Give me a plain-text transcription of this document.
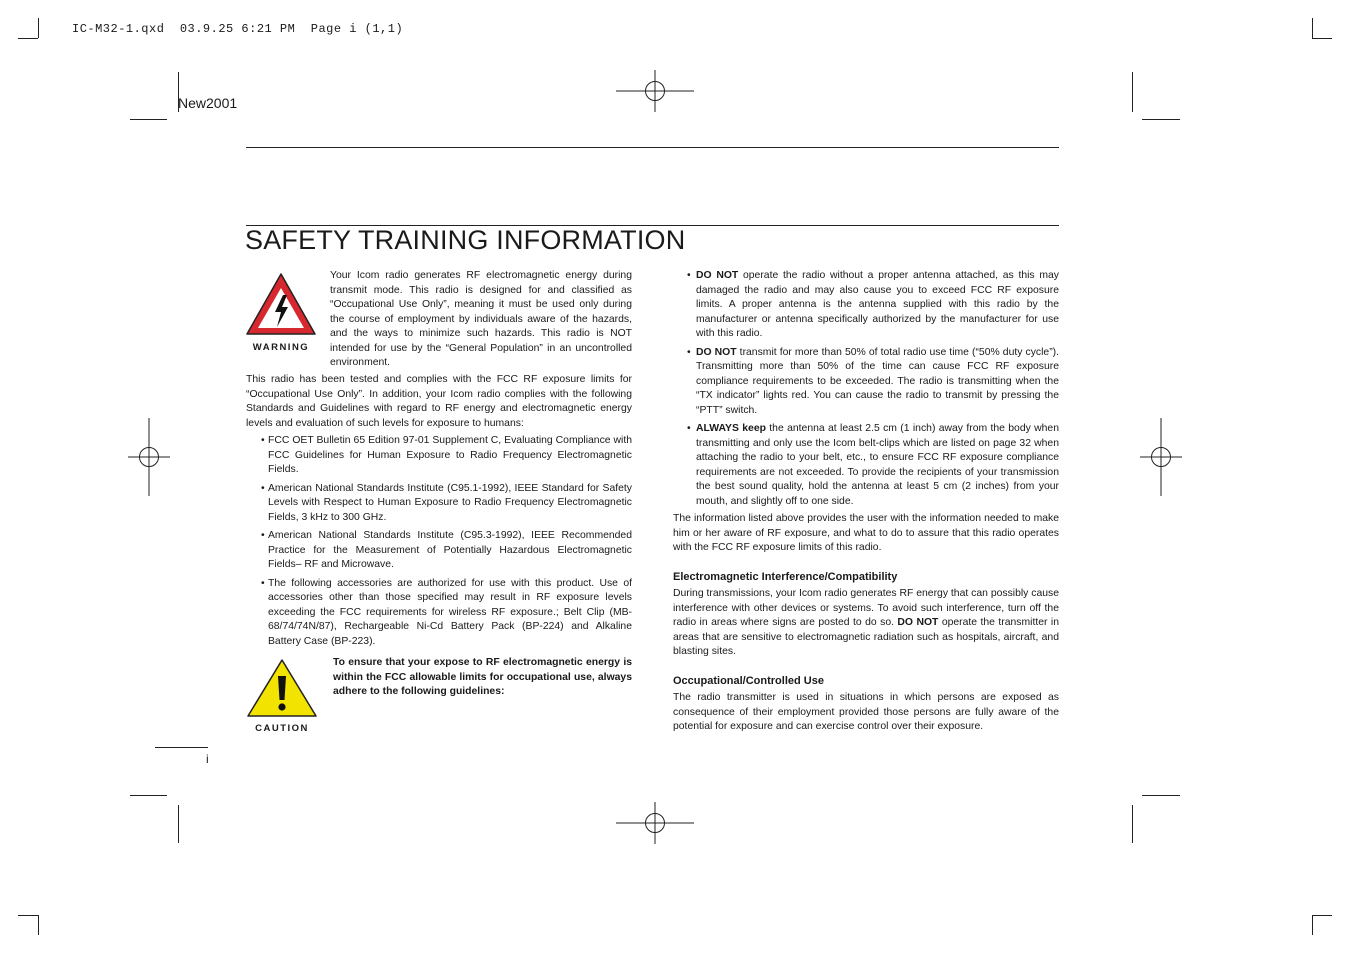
IC-M32-1.qxd  03.9.25 6:21 PM  Page i (1,1)
New2001
SAFETY TRAINING INFORMATION
WARNING
Your Icom radio generates RF electromagnetic energy during transmit mode. This radio is designed for and classified as “Occupational Use Only”, meaning it must be used only during the course of employment by individuals aware of the hazards, and the ways to minimize such hazards. This radio is NOT intended for use by the “General Population” in an uncontrolled environment.

This radio has been tested and complies with the FCC RF exposure limits for “Occupational Use Only”. In addition, your Icom radio complies with the following Standards and Guidelines with regard to RF energy and electromagnetic energy levels and evaluation of such levels for exposure to humans:

• FCC OET Bulletin 65 Edition 97-01 Supplement C, Evaluating Compliance with FCC Guidelines for Human Exposure to Radio Frequency Electromagnetic Fields.
• American National Standards Institute (C95.1-1992), IEEE Standard for Safety Levels with Respect to Human Exposure to Radio Frequency Electromagnetic Fields, 3 kHz to 300 GHz.
• American National Standards Institute (C95.3-1992), IEEE Recommended Practice for the Measurement of Potentially Hazardous Electromagnetic Fields– RF and Microwave.
• The following accessories are authorized for use with this product. Use of accessories other than those specified may result in RF exposure levels exceeding the FCC requirements for wireless RF exposure.; Belt Clip (MB-68/74/74N/87), Rechargeable Ni-Cd Battery Pack (BP-224) and Alkaline Battery Case (BP-223).
CAUTION
To ensure that your expose to RF electromagnetic energy is within the FCC allowable limits for occupational use, always adhere to the following guidelines:
• DO NOT operate the radio without a proper antenna attached, as this may damaged the radio and may also cause you to exceed FCC RF exposure limits. A proper antenna is the antenna supplied with this radio by the manufacturer or antenna specifically authorized by the manufacturer for use with this radio.
• DO NOT transmit for more than 50% of total radio use time (“50% duty cycle”). Transmitting more than 50% of the time can cause FCC RF exposure compliance requirements to be exceeded. The radio is transmitting when the “TX indicator” lights red. You can cause the radio to transmit by pressing the “PTT” switch.
• ALWAYS keep the antenna at least 2.5 cm (1 inch) away from the body when transmitting and only use the Icom belt-clips which are listed on page 32 when attaching the radio to your belt, etc., to ensure FCC RF exposure compliance requirements are not exceeded. To provide the recipients of your transmission the best sound quality, hold the antenna at least 5 cm (2 inches) from your mouth, and slightly off to one side.

The information listed above provides the user with the information needed to make him or her aware of RF exposure, and what to do to assure that this radio operates with the FCC RF exposure limits of this radio.

Electromagnetic Interference/Compatibility

During transmissions, your Icom radio generates RF energy that can possibly cause interference with other devices or systems. To avoid such interference, turn off the radio in areas where signs are posted to do so. DO NOT operate the transmitter in areas that are sensitive to electromagnetic radiation such as hospitals, aircraft, and blasting sites.

Occupational/Controlled Use

The radio transmitter is used in situations in which persons are exposed as consequence of their employment provided those persons are fully aware of the potential for exposure and can exercise control over their exposure.

i
